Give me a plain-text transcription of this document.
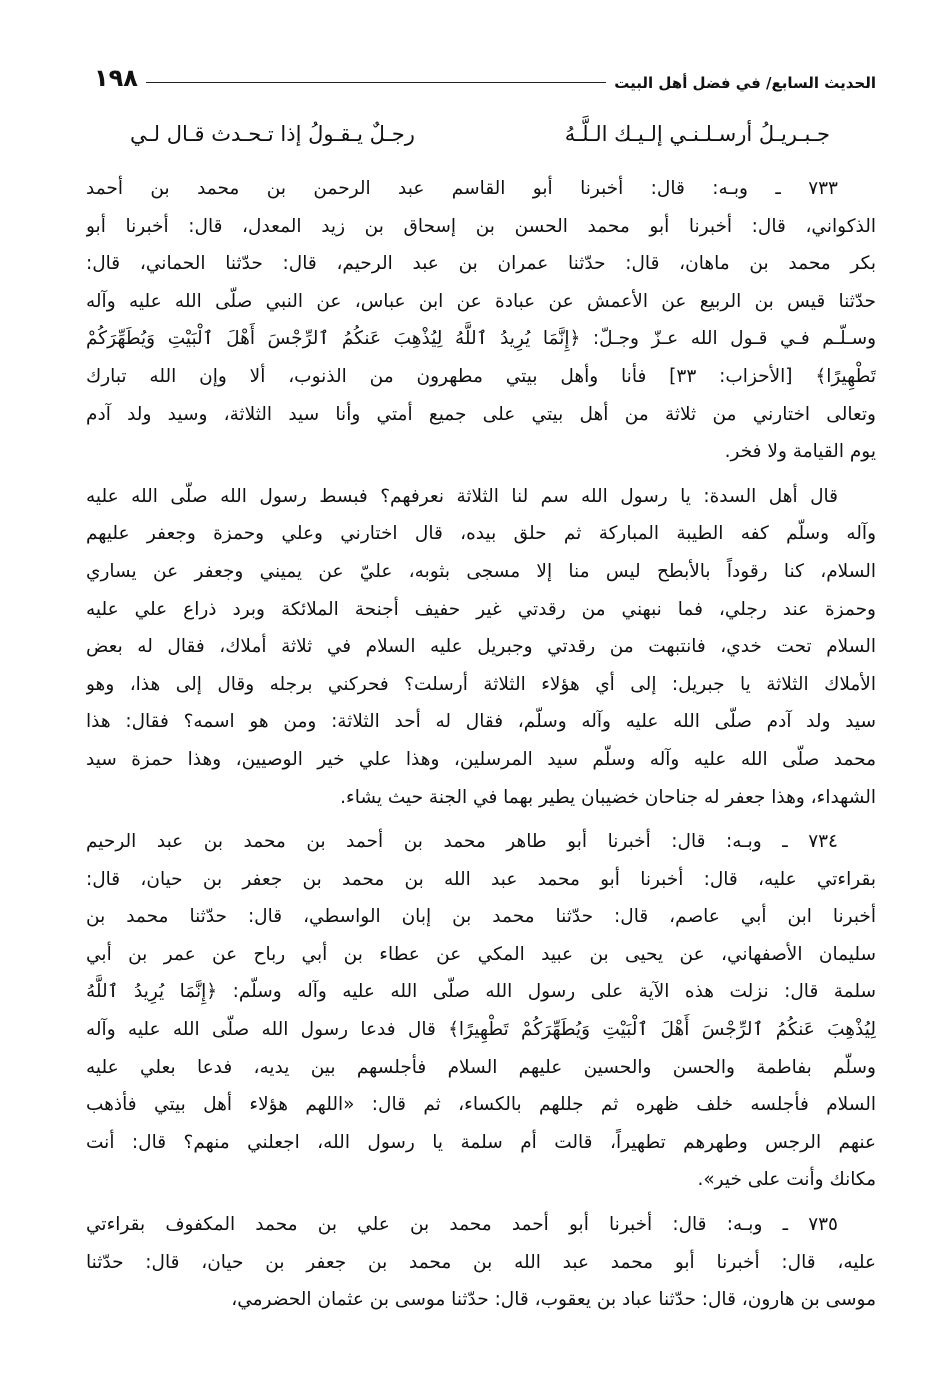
الحديث السابع/ في فضل أهل البيت
١٩٨
جـبـريـلُ أرسـلـنـي إلـيـك الـلَّـهُ
رجـلٌ يـقـولُ إذا تـحـدث قـال لـي
٧٣٣ ـ وبـه: قال: أخبرنا أبو القاسم عبد الرحمن بن محمد بن أحمد
الذكواني، قال: أخبرنا أبو محمد الحسن بن إسحاق بن زيد المعدل، قال: أخبرنا أبو
بكر محمد بن ماهان، قال: حدّثنا عمران بن عبد الرحيم، قال: حدّثنا الحماني، قال:
حدّثنا قيس بن الربيع عن الأعمش عن عبادة عن ابن عباس، عن النبي صلّى الله عليه وآله
وسـلّـم فـي قـول الله عـزّ وجـلّ: ﴿إِنَّمَا يُرِيدُ ٱللَّهُ لِيُذْهِبَ عَنكُمُ ٱلرِّجْسَ أَهْلَ ٱلْبَيْتِ وَيُطَهِّرَكُمْ
تَطْهِيرًا﴾ [الأحزاب: ٣٣] فأنا وأهل بيتي مطهرون من الذنوب، ألا وإن الله تبارك
وتعالى اختارني من ثلاثة من أهل بيتي على جميع أمتي وأنا سيد الثلاثة، وسيد ولد آدم
يوم القيامة ولا فخر.
قال أهل السدة: يا رسول الله سم لنا الثلاثة نعرفهم؟ فبسط رسول الله صلّى الله عليه
وآله وسلّم كفه الطيبة المباركة ثم حلق بيده، قال اختارني وعلي وحمزة وجعفر عليهم
السلام، كنا رقوداً بالأبطح ليس منا إلا مسجى بثوبه، عليّ عن يميني وجعفر عن يساري
وحمزة عند رجلي، فما نبهني من رقدتي غير حفيف أجنحة الملائكة وبرد ذراع علي عليه
السلام تحت خدي، فانتبهت من رقدتي وجبريل عليه السلام في ثلاثة أملاك، فقال له بعض
الأملاك الثلاثة يا جبريل: إلى أي هؤلاء الثلاثة أرسلت؟ فحركني برجله وقال إلى هذا، وهو
سيد ولد آدم صلّى الله عليه وآله وسلّم، فقال له أحد الثلاثة: ومن هو اسمه؟ فقال: هذا
محمد صلّى الله عليه وآله وسلّم سيد المرسلين، وهذا علي خير الوصيين، وهذا حمزة سيد
الشهداء، وهذا جعفر له جناحان خضيبان يطير بهما في الجنة حيث يشاء.
٧٣٤ ـ وبـه: قال: أخبرنا أبو طاهر محمد بن أحمد بن محمد بن عبد الرحيم
بقراءتي عليه، قال: أخبرنا أبو محمد عبد الله بن محمد بن جعفر بن حيان، قال:
أخبرنا ابن أبي عاصم، قال: حدّثنا محمد بن إبان الواسطي، قال: حدّثنا محمد بن
سليمان الأصفهاني، عن يحيى بن عبيد المكي عن عطاء بن أبي رباح عن عمر بن أبي
سلمة قال: نزلت هذه الآية على رسول الله صلّى الله عليه وآله وسلّم: ﴿إِنَّمَا يُرِيدُ ٱللَّهُ
لِيُذْهِبَ عَنكُمُ ٱلرِّجْسَ أَهْلَ ٱلْبَيْتِ وَيُطَهِّرَكُمْ تَطْهِيرًا﴾ قال فدعا رسول الله صلّى الله عليه وآله
وسلّم بفاطمة والحسن والحسين عليهم السلام فأجلسهم بين يديه، فدعا بعلي عليه
السلام فأجلسه خلف ظهره ثم جللهم بالكساء، ثم قال: «اللهم هؤلاء أهل بيتي فأذهب
عنهم الرجس وطهرهم تطهيراً، قالت أم سلمة يا رسول الله، اجعلني منهم؟ قال: أنت
مكانك وأنت على خير».
٧٣٥ ـ وبـه: قال: أخبرنا أبو أحمد محمد بن علي بن محمد المكفوف بقراءتي
عليه، قال: أخبرنا أبو محمد عبد الله بن محمد بن جعفر بن حيان، قال: حدّثنا
موسى بن هارون، قال: حدّثنا عباد بن يعقوب، قال: حدّثنا موسى بن عثمان الحضرمي،
